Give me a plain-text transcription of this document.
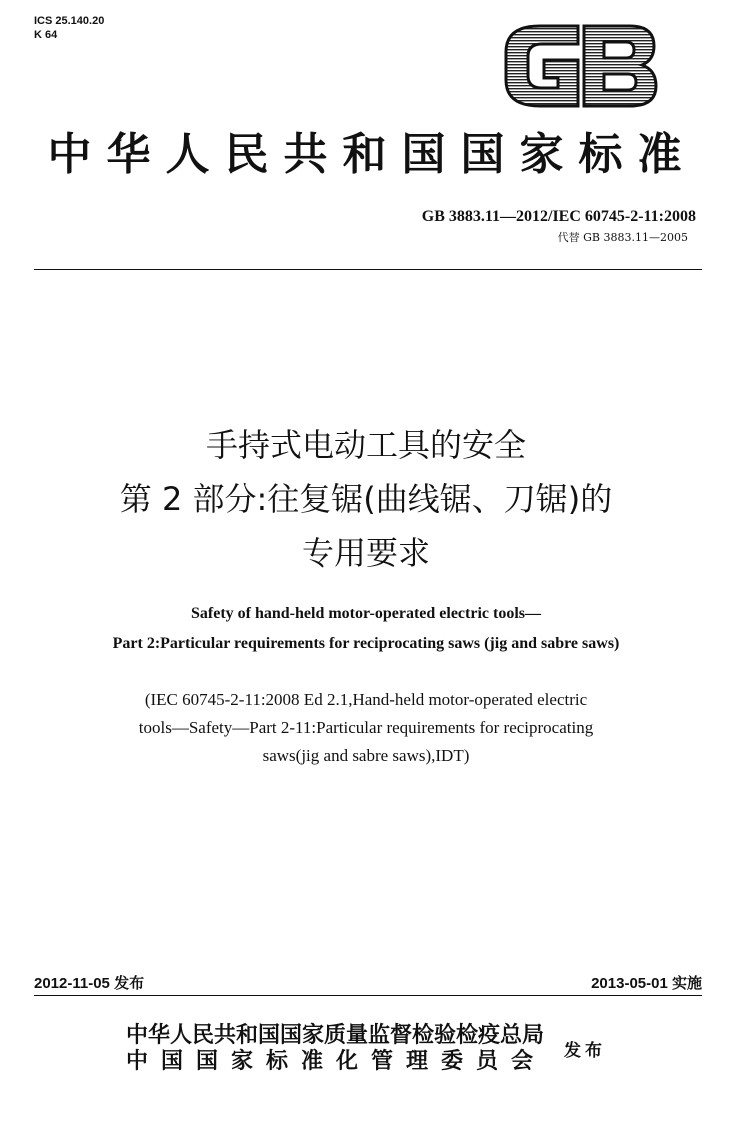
ICS 25.140.20
K 64
中华人民共和国国家标准
GB 3883.11—2012/IEC 60745-2-11:2008
代替 GB 3883.11—2005
手持式电动工具的安全
第 2 部分:往复锯(曲线锯、刀锯)的
专用要求
Safety of hand-held motor-operated electric tools—
Part 2:Particular requirements for reciprocating saws (jig and sabre saws)
(IEC 60745-2-11:2008 Ed 2.1,Hand-held motor-operated electric
tools—Safety—Part 2-11:Particular requirements for reciprocating
saws(jig and sabre saws),IDT)
2012-11-05 发布	2013-05-01 实施
中华人民共和国国家质量监督检验检疫总局
中国国家标准化管理委员会 发布
